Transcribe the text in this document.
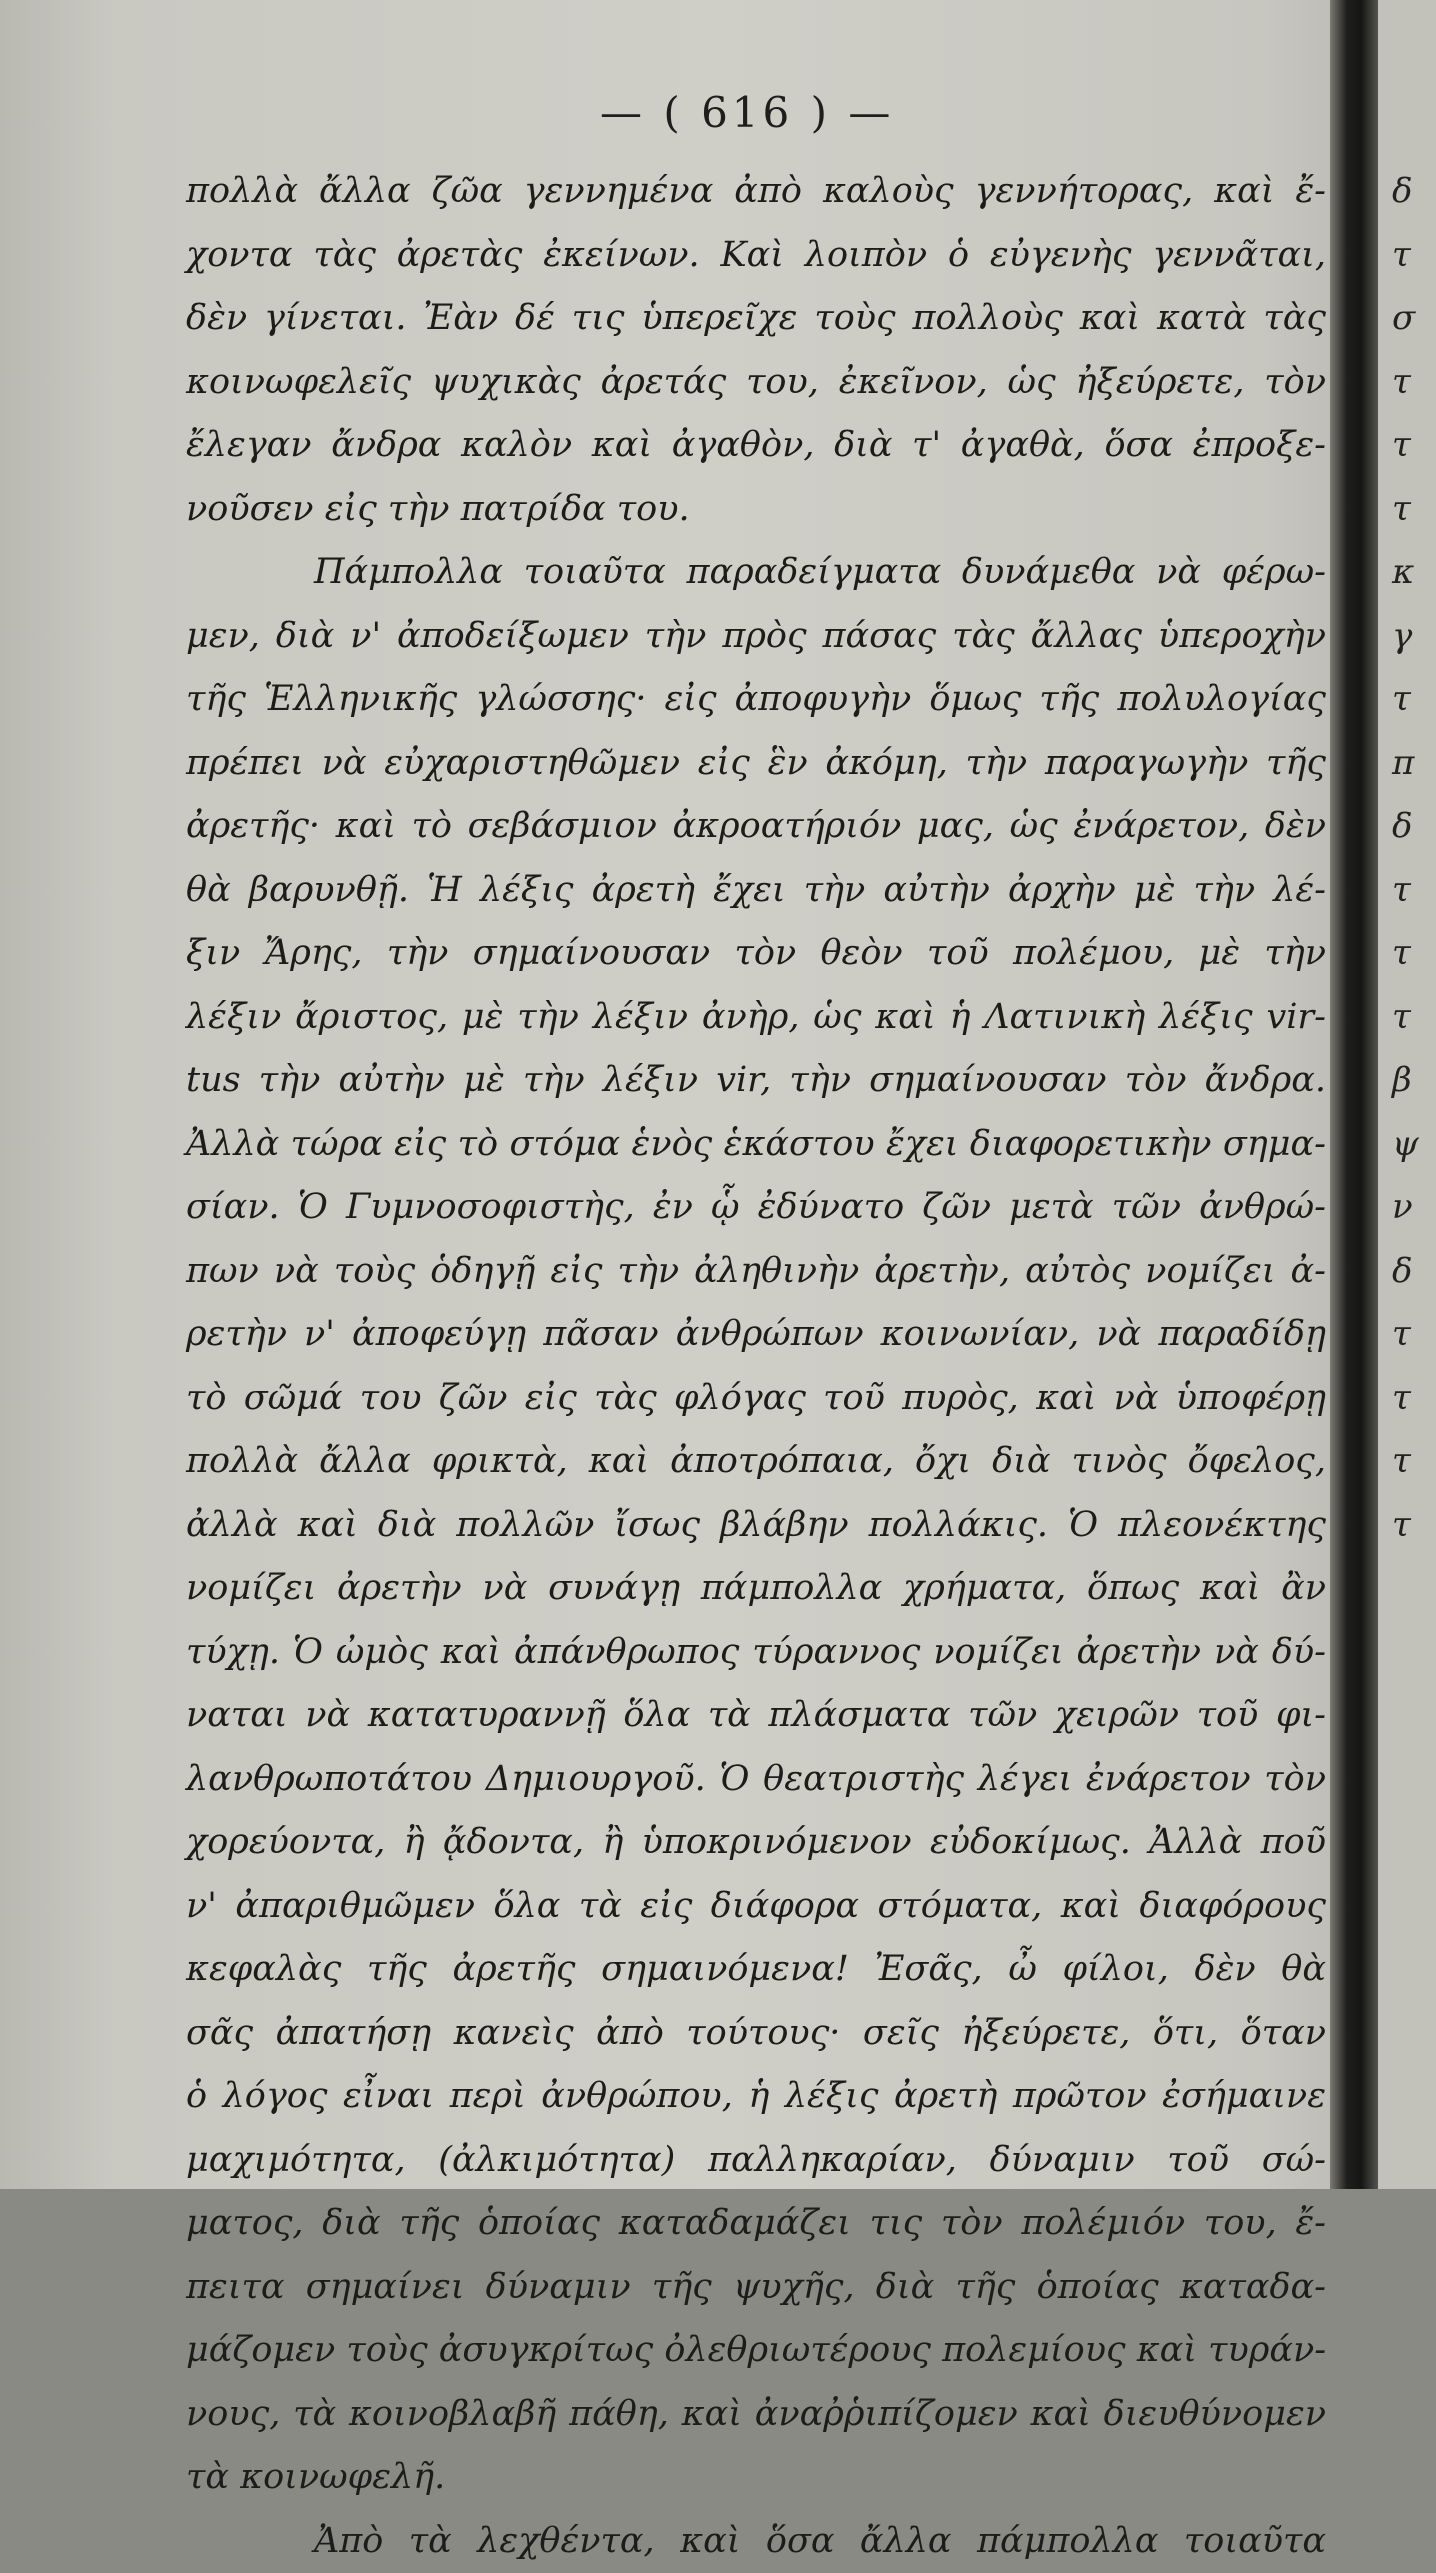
— ( 616 ) —
πολλὰ ἄλλα ζῶα γεννημένα ἀπὸ καλοὺς γεννήτορας, καὶ ἔ-
χοντα τὰς ἀρετὰς ἐκείνων. Καὶ λοιπὸν ὁ εὐγενὴς γεννᾶται,
δὲν γίνεται. Ἐὰν δέ τις ὑπερεῖχε τοὺς πολλοὺς καὶ κατὰ τὰς
κοινωφελεῖς ψυχικὰς ἀρετάς του, ἐκεῖνον, ὡς ἠξεύρετε, τὸν
ἔλεγαν ἄνδρα καλὸν καὶ ἀγαθὸν, διὰ τ' ἀγαθὰ, ὅσα ἐπροξε-
νοῦσεν εἰς τὴν πατρίδα του.
Πάμπολλα τοιαῦτα παραδείγματα δυνάμεθα νὰ φέρω-
μεν, διὰ ν' ἀποδείξωμεν τὴν πρὸς πάσας τὰς ἄλλας ὑπεροχὴν
τῆς Ἑλληνικῆς γλώσσης· εἰς ἀποφυγὴν ὅμως τῆς πολυλογίας
πρέπει νὰ εὐχαριστηθῶμεν εἰς ἓν ἀκόμη, τὴν παραγωγὴν τῆς
ἀρετῆς· καὶ τὸ σεβάσμιον ἀκροατήριόν μας, ὡς ἐνάρετον, δὲν
θὰ βαρυνθῇ. Ἡ λέξις ἀρετὴ ἔχει τὴν αὐτὴν ἀρχὴν μὲ τὴν λέ-
ξιν Ἄρης, τὴν σημαίνουσαν τὸν θεὸν τοῦ πολέμου, μὲ τὴν
λέξιν ἄριστος, μὲ τὴν λέξιν ἀνὴρ, ὡς καὶ ἡ Λατινικὴ λέξις vir-
tus τὴν αὐτὴν μὲ τὴν λέξιν vir, τὴν σημαίνουσαν τὸν ἄνδρα.
Ἀλλὰ τώρα εἰς τὸ στόμα ἑνὸς ἑκάστου ἔχει διαφορετικὴν σημα-
σίαν. Ὁ Γυμνοσοφιστὴς, ἐν ᾧ ἐδύνατο ζῶν μετὰ τῶν ἀνθρώ-
πων νὰ τοὺς ὁδηγῇ εἰς τὴν ἀληθινὴν ἀρετὴν, αὐτὸς νομίζει ἀ-
ρετὴν ν' ἀποφεύγῃ πᾶσαν ἀνθρώπων κοινωνίαν, νὰ παραδίδῃ
τὸ σῶμά του ζῶν εἰς τὰς φλόγας τοῦ πυρὸς, καὶ νὰ ὑποφέρῃ
πολλὰ ἄλλα φρικτὰ, καὶ ἀποτρόπαια, ὄχι διὰ τινὸς ὄφελος,
ἀλλὰ καὶ διὰ πολλῶν ἴσως βλάβην πολλάκις. Ὁ πλεονέκτης
νομίζει ἀρετὴν νὰ συνάγῃ πάμπολλα χρήματα, ὅπως καὶ ἂν
τύχῃ. Ὁ ὠμὸς καὶ ἀπάνθρωπος τύραννος νομίζει ἀρετὴν νὰ δύ-
ναται νὰ κατατυραννῇ ὅλα τὰ πλάσματα τῶν χειρῶν τοῦ φι-
λανθρωποτάτου Δημιουργοῦ. Ὁ θεατριστὴς λέγει ἐνάρετον τὸν
χορεύοντα, ἢ ᾄδοντα, ἢ ὑποκρινόμενον εὐδοκίμως. Ἀλλὰ ποῦ
ν' ἀπαριθμῶμεν ὅλα τὰ εἰς διάφορα στόματα, καὶ διαφόρους
κεφαλὰς τῆς ἀρετῆς σημαινόμενα! Ἐσᾶς, ὦ φίλοι, δὲν θὰ
σᾶς ἀπατήσῃ κανεὶς ἀπὸ τούτους· σεῖς ἠξεύρετε, ὅτι, ὅταν
ὁ λόγος εἶναι περὶ ἀνθρώπου, ἡ λέξις ἀρετὴ πρῶτον ἐσήμαινε
μαχιμότητα, (ἀλκιμότητα) παλληκαρίαν, δύναμιν τοῦ σώ-
ματος, διὰ τῆς ὁποίας καταδαμάζει τις τὸν πολέμιόν του, ἔ-
πειτα σημαίνει δύναμιν τῆς ψυχῆς, διὰ τῆς ὁποίας καταδα-
μάζομεν τοὺς ἀσυγκρίτως ὀλεθριωτέρους πολεμίους καὶ τυράν-
νους, τὰ κοινοβλαβῆ πάθη, καὶ ἀναῤῥιπίζομεν καὶ διευθύνομεν
τὰ κοινωφελῆ.
Ἀπὸ τὰ λεχθέντα, καὶ ὅσα ἄλλα πάμπολλα τοιαῦτα
δ
τ
σ
τ
τ
τ
κ
γ
τ
π
δ
τ
τ
τ
β
ψ
ν
δ
τ
τ
τ
τ
